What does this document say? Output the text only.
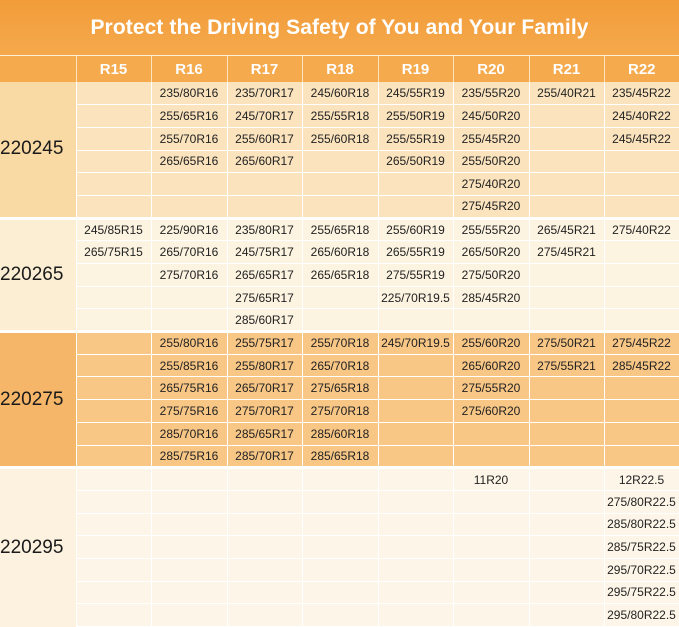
Protect the Driving Safety of You and Your Family
	R15	R16	R17	R18	R19	R20	R21	R22
220245		235/80R16	235/70R17	245/60R18	245/55R19	235/55R20	255/40R21	235/45R22
		255/65R16	245/70R17	255/55R18	255/50R19	245/50R20		245/40R22
		255/70R16	255/60R17	255/60R18	255/55R19	255/45R20		245/45R22
		265/65R16	265/60R17		265/50R19	255/50R20		
						275/40R20		
						275/45R20		
220265	245/85R15	225/90R16	235/80R17	255/65R18	255/60R19	255/55R20	265/45R21	275/40R22
	265/75R15	265/70R16	245/75R17	265/60R18	265/55R19	265/50R20	275/45R21	
		275/70R16	265/65R17	265/65R18	275/55R19	275/50R20		
			275/65R17		225/70R19.5	285/45R20		
			285/60R17					
220275		255/80R16	255/75R17	255/70R18	245/70R19.5	255/60R20	275/50R21	275/45R22
		255/85R16	255/80R17	265/70R18		265/60R20	275/55R21	285/45R22
		265/75R16	265/70R17	275/65R18		275/55R20		
		275/75R16	275/70R17	275/70R18		275/60R20		
		285/70R16	285/65R17	285/60R18				
		285/75R16	285/70R17	285/65R18				
220295						11R20		12R22.5
								275/80R22.5
								285/80R22.5
								285/75R22.5
								295/70R22.5
								295/75R22.5
								295/80R22.5
